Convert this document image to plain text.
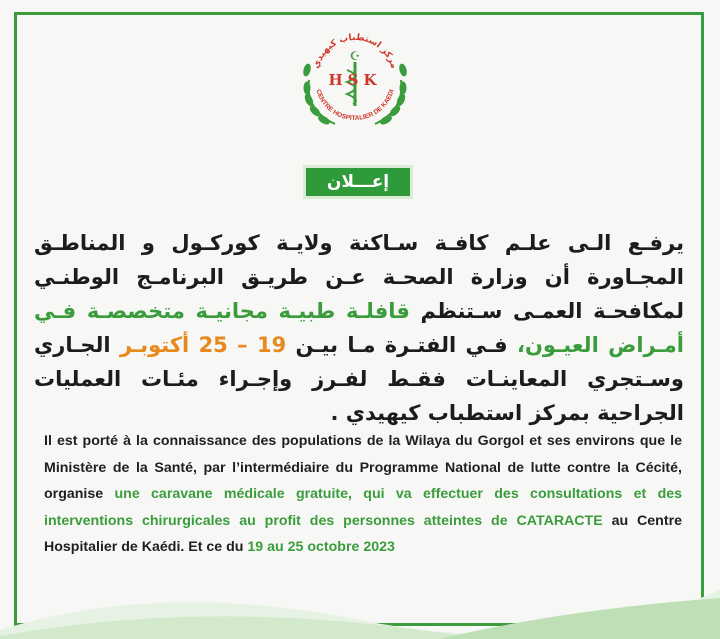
مركز استطباب كيهيدي
CENTRE HOSPITALIER DE KAEDI
☪
HSK
إعـــلان

يرفـع الـى علـم كافـة سـاكنة ولايـة كوركـول و المناطـق المجـاورة أن وزارة الصحـة عـن طريـق البرنامـج الوطنـي لمكافحـة العمـى سـتنظم قافلـة طبيـة مجانيـة متخصصـة فـي أمـراض العيـون، فـي الفتـرة مـا بيـن 19 – 25 أكتوبـر الجـاري وسـتجري المعاينـات فقـط لفـرز وإجـراء مئـات العمليات الجراحية بمركز استطباب كيهيدي .

Il est porté à la connaissance des populations de la Wilaya du Gorgol et ses environs que le Ministère de la Santé, par l’intermédiaire du Programme National de lutte contre la Cécité, organise une caravane médicale gratuite, qui va effectuer des consultations et des interventions chirurgicales au profit des personnes atteintes de CATARACTE au Centre Hospitalier de Kaédi. Et ce du 19 au 25 octobre 2023
